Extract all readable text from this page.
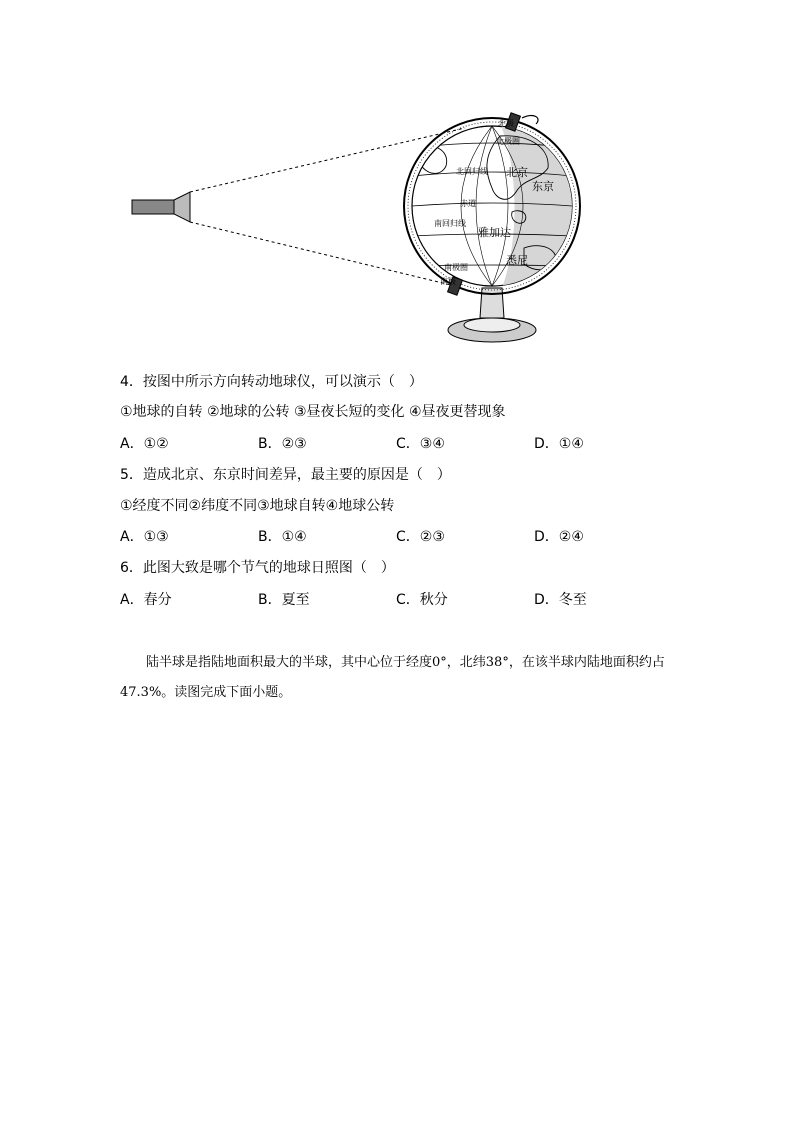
北极
北极圈
北回归线
赤道
南回归线
南极圈
南极
北京
东京
雅加达
悉尼
4．按图中所示方向转动地球仪，可以演示（　）
①地球的自转 ②地球的公转 ③昼夜长短的变化 ④昼夜更替现象
A．①②	B．②③	C．③④	D．①④
5．造成北京、东京时间差异，最主要的原因是（　）
①经度不同②纬度不同③地球自转④地球公转
A．①③	B．①④	C．②③	D．②④
6．此图大致是哪个节气的地球日照图（　）
A．春分	B．夏至	C．秋分	D．冬至

陆半球是指陆地面积最大的半球，其中心位于经度0°，北纬38°，在该半球内陆地面积约占47.3%。读图完成下面小题。
